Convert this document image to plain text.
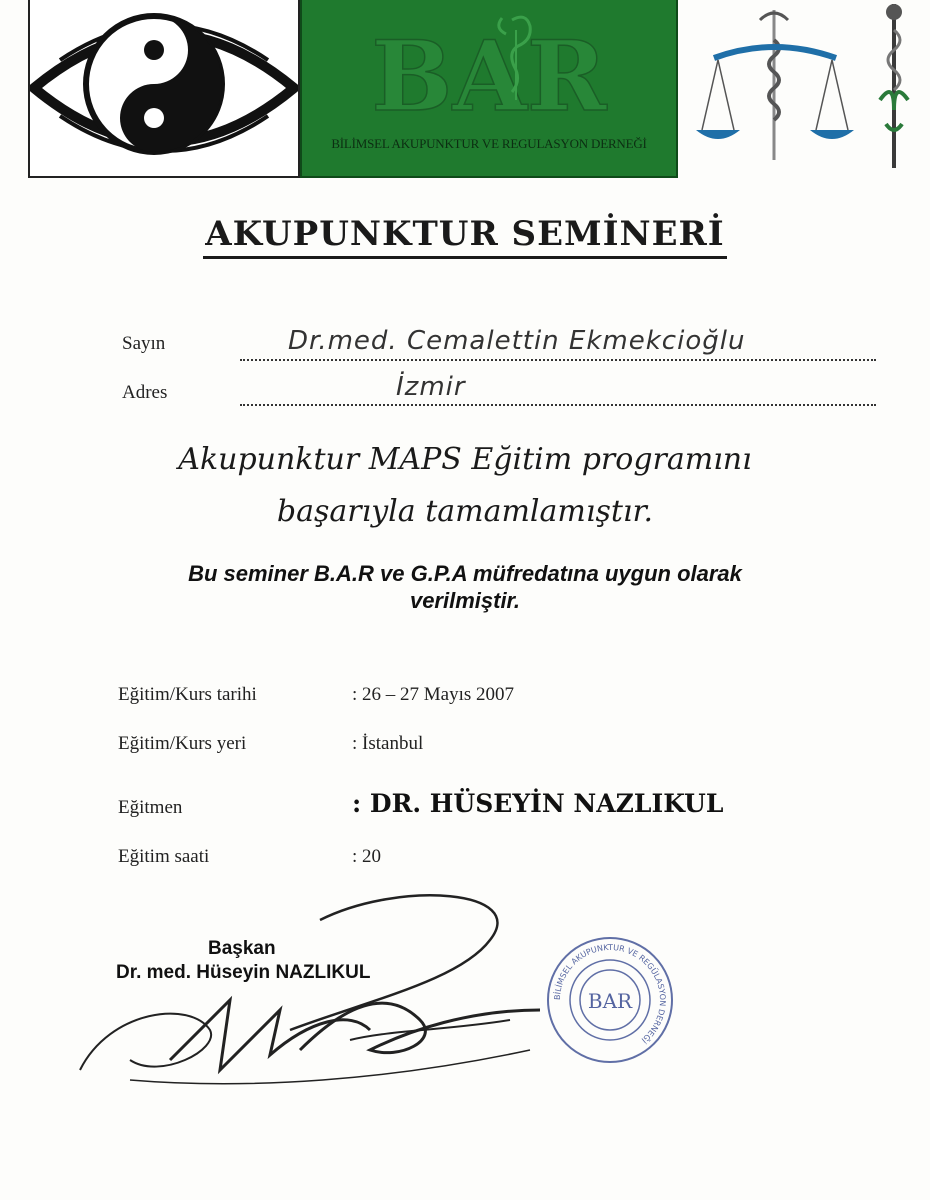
BAR
BİLİMSEL AKUPUNKTUR VE REGULASYON DERNEĞİ
AKUPUNKTUR SEMİNERİ
Sayın	Dr.med. Cemalettin Ekmekcioğlu
Adres	İzmir
Akupunktur MAPS Eğitim programını
başarıyla tamamlamıştır.
Bu seminer B.A.R ve G.P.A müfredatına uygun olarak
verilmiştir.
Eğitim/Kurs tarihi	: 26 – 27 Mayıs 2007
Eğitim/Kurs yeri	: İstanbul
Eğitmen	: DR. HÜSEYİN NAZLIKUL
Eğitim saati	: 20
Başkan
Dr. med. Hüseyin NAZLIKUL
BİLİMSEL AKUPUNKTUR VE REGÜLASYON DERNEĞİ
BAR
